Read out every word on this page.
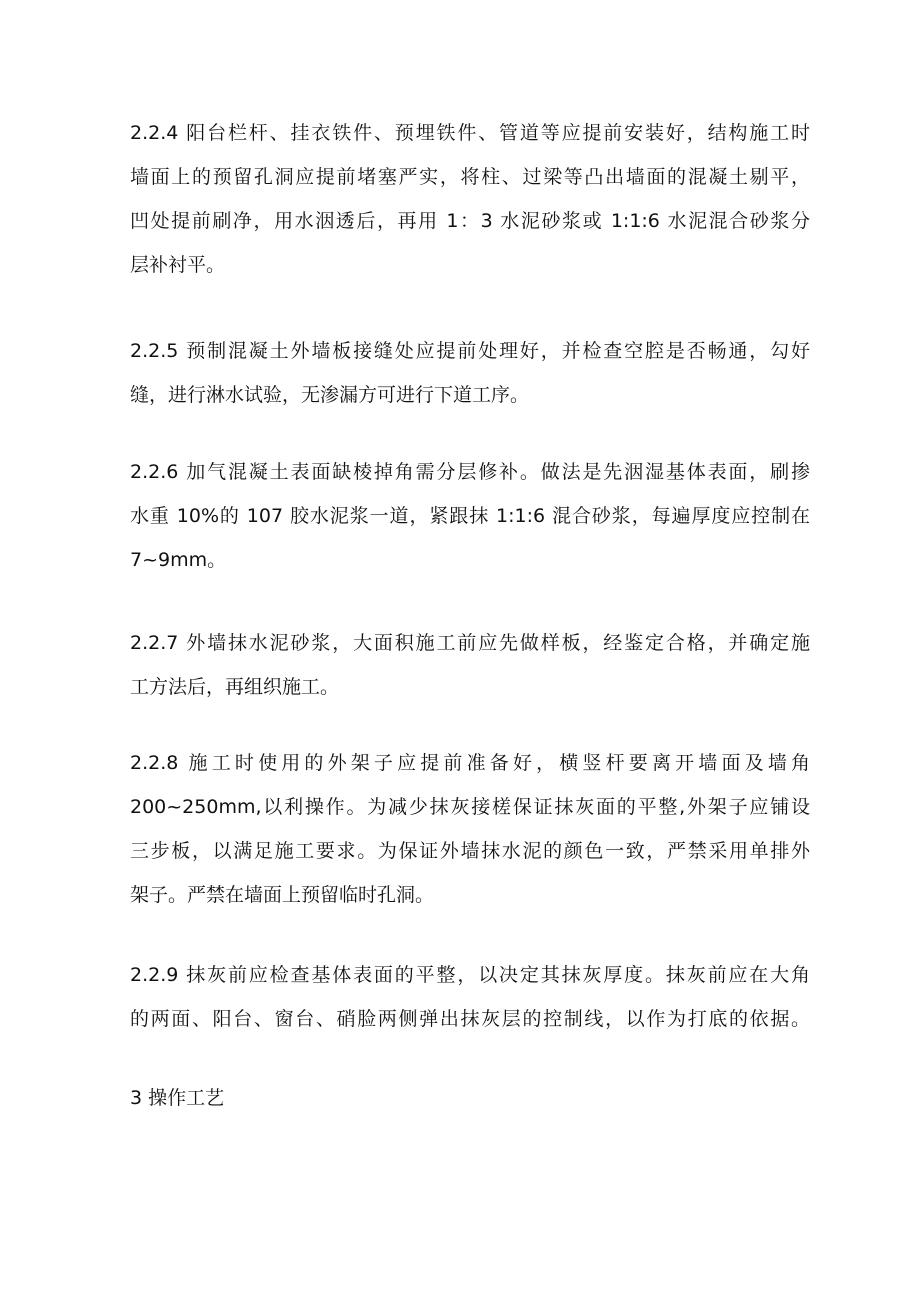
2.2.4 阳台栏杆、挂衣铁件、预埋铁件、管道等应提前安装好，结构施工时
墙面上的预留孔洞应提前堵塞严实，将柱、过梁等凸出墙面的混凝土剔平，
凹处提前刷净，用水洇透后，再用 1：3 水泥砂浆或 1:1:6 水泥混合砂浆分
层补衬平。
2.2.5 预制混凝土外墙板接缝处应提前处理好，并检查空腔是否畅通，勾好
缝，进行淋水试验，无渗漏方可进行下道工序。
2.2.6 加气混凝土表面缺棱掉角需分层修补。做法是先洇湿基体表面，刷掺
水重 10%的 107 胶水泥浆一道，紧跟抹 1:1:6 混合砂浆，每遍厚度应控制在
7~9mm。
2.2.7 外墙抹水泥砂浆，大面积施工前应先做样板，经鉴定合格，并确定施
工方法后，再组织施工。
2.2.8 施工时使用的外架子应提前准备好，横竖杆要离开墙面及墙角
200~250mm,以利操作。为减少抹灰接槎保证抹灰面的平整,外架子应铺设
三步板，以满足施工要求。为保证外墙抹水泥的颜色一致，严禁采用单排外
架子。严禁在墙面上预留临时孔洞。
2.2.9 抹灰前应检查基体表面的平整，以决定其抹灰厚度。抹灰前应在大角
的两面、阳台、窗台、硝脸两侧弹出抹灰层的控制线，以作为打底的依据。
3 操作工艺
